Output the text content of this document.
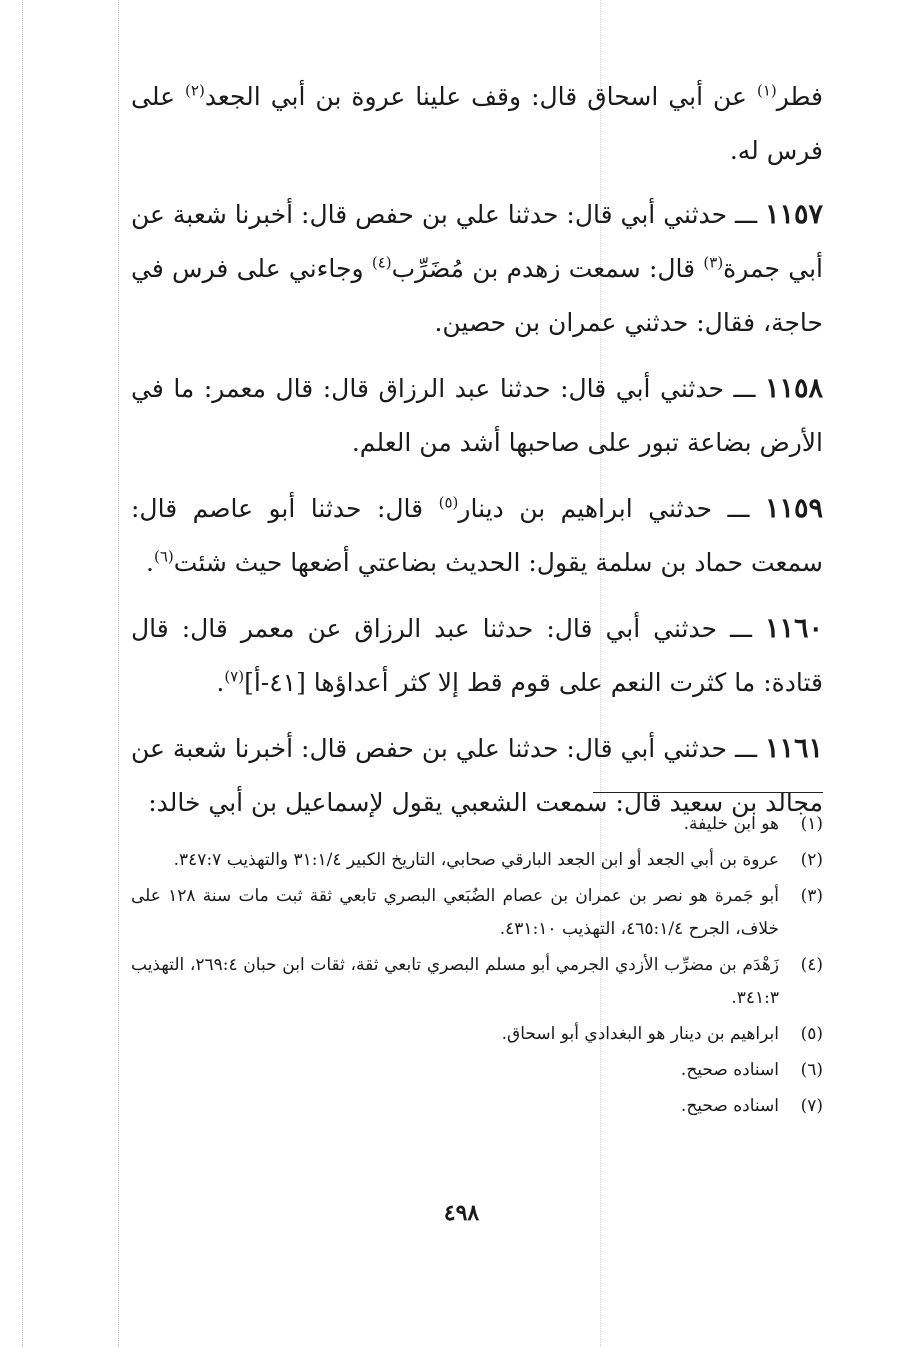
فطر$^{(١)}$ عن أبي اسحاق قال: وقف علينا عروة بن أبي الجعد$^{(٢)}$ على فرس له.

١١٥٧ ـــ حدثني أبي قال: حدثنا علي بن حفص قال: أخبرنا شعبة عن أبي جمرة$^{(٣)}$ قال: سمعت زهدم بن مُضَرِّب$^{(٤)}$ وجاءني على فرس في حاجة، فقال: حدثني عمران بن حصين.

١١٥٨ ـــ حدثني أبي قال: حدثنا عبد الرزاق قال: قال معمر: ما في الأرض بضاعة تبور على صاحبها أشد من العلم.

١١٥٩ ـــ حدثني ابراهيم بن دينار$^{(٥)}$ قال: حدثنا أبو عاصم قال: سمعت حماد بن سلمة يقول: الحديث بضاعتي أضعها حيث شئت$^{(٦)}$.

١١٦٠ ـــ حدثني أبي قال: حدثنا عبد الرزاق عن معمر قال: قال قتادة: ما كثرت النعم على قوم قط إلا كثر أعداؤها [٤١-أ]$^{(٧)}$.

١١٦١ ـــ حدثني أبي قال: حدثنا علي بن حفص قال: أخبرنا شعبة عن مجالد بن سعيد قال: سمعت الشعبي يقول لإسماعيل بن أبي خالد:

(١)
هو ابن خليفة.
(٢)
عروة بن أبي الجعد أو ابن الجعد البارقي صحابي، التاريخ الكبير ٣١:١/٤ والتهذيب ٣٤٧:٧.
(٣)
أبو جَمرة هو نصر بن عمران بن عصام الضُبَعي البصري تابعي ثقة ثبت مات سنة ١٢٨ على خلاف، الجرح ٤٦٥:١/٤، التهذيب ٤٣١:١٠.
(٤)
زَهْدَم بن مضرِّب الأزدي الجرمي أبو مسلم البصري تابعي ثقة، ثقات ابن حبان ٢٦٩:٤، التهذيب ٣٤١:٣.
(٥)
ابراهيم بن دينار هو البغدادي أبو اسحاق.
(٦)
اسناده صحيح.
(٧)
اسناده صحيح.
٤٩٨
